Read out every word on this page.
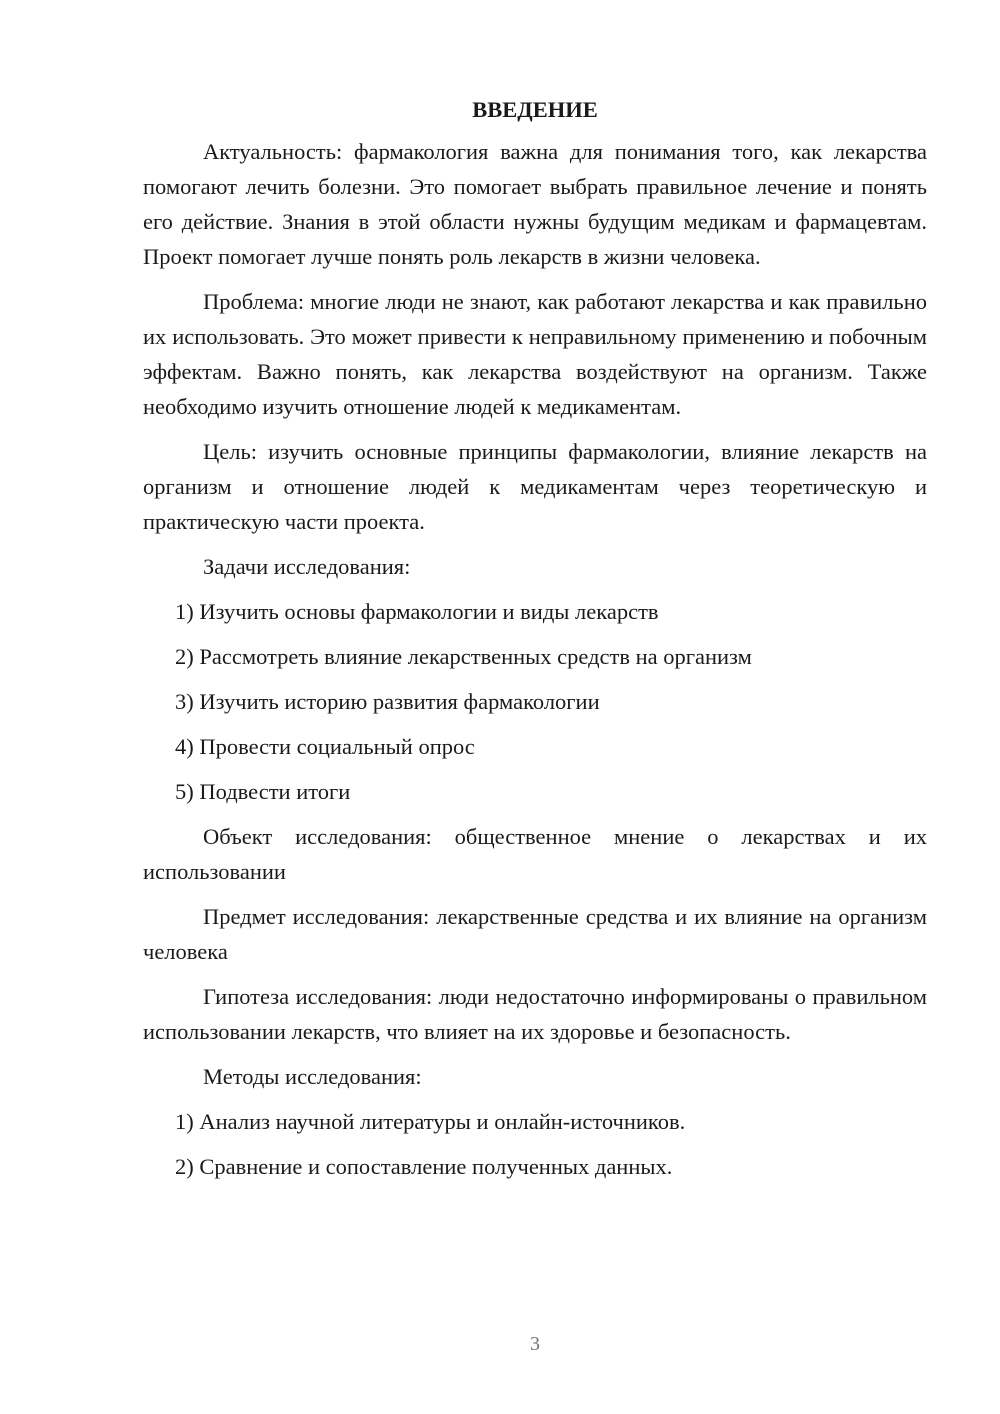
ВВЕДЕНИЕ

Актуальность: фармакология важна для понимания того, как лекарства помогают лечить болезни. Это помогает выбрать правильное лечение и понять его действие. Знания в этой области нужны будущим медикам и фармацевтам. Проект помогает лучше понять роль лекарств в жизни человека.

Проблема: многие люди не знают, как работают лекарства и как правильно их использовать. Это может привести к неправильному применению и побочным эффектам. Важно понять, как лекарства воздействуют на организм. Также необходимо изучить отношение людей к медикаментам.

Цель: изучить основные принципы фармакологии, влияние лекарств на организм и отношение людей к медикаментам через теоретическую и практическую части проекта.

Задачи исследования:

1) Изучить основы фармакологии и виды лекарств
2) Рассмотреть влияние лекарственных средств на организм
3) Изучить историю развития фармакологии
4) Провести социальный опрос
5) Подвести итоги

Объект исследования: общественное мнение о лекарствах и их использовании

Предмет исследования: лекарственные средства и их влияние на организм человека

Гипотеза исследования: люди недостаточно информированы о правильном использовании лекарств, что влияет на их здоровье и безопасность.

Методы исследования:

1) Анализ научной литературы и онлайн-источников.
2) Сравнение и сопоставление полученных данных.
3
